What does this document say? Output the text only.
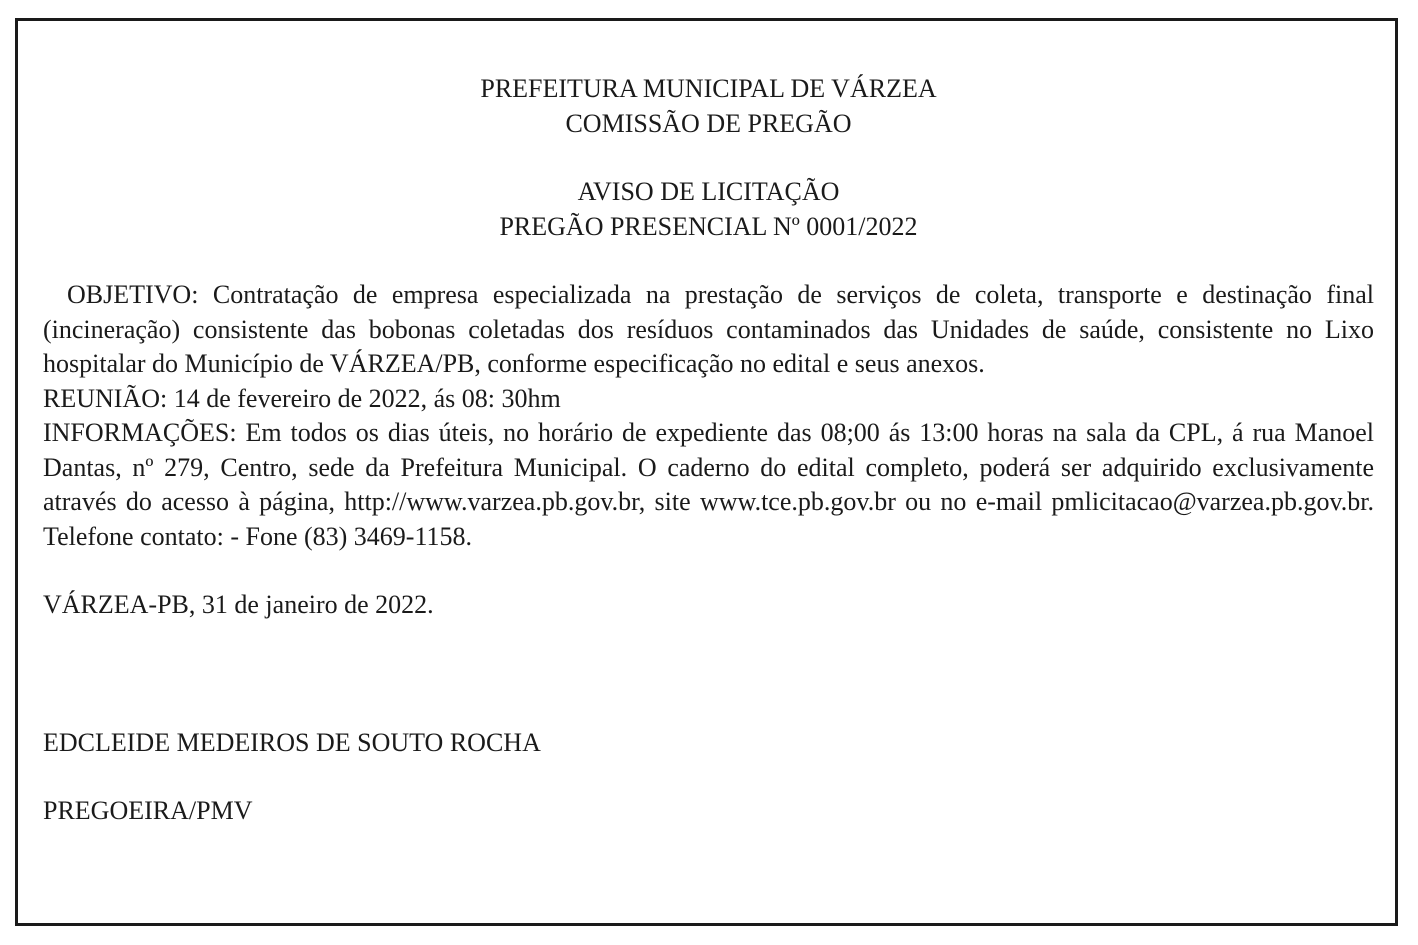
PREFEITURA MUNICIPAL DE VÁRZEA

COMISSÃO DE PREGÃO

AVISO DE LICITAÇÃO

PREGÃO PRESENCIAL Nº 0001/2022

OBJETIVO: Contratação de empresa especializada na prestação de serviços de coleta, transporte e destinação final (incineração) consistente das bobonas coletadas dos resíduos contaminados das Unidades de saúde, consistente no Lixo hospitalar do Município de VÁRZEA/PB, conforme especificação no edital e seus anexos.

REUNIÃO: 14 de fevereiro de 2022, ás 08: 30hm

INFORMAÇÕES: Em todos os dias úteis, no horário de expediente das 08;00 ás 13:00 horas na sala da CPL, á rua Manoel Dantas, nº 279, Centro, sede da Prefeitura Municipal. O caderno do edital completo, poderá ser adquirido exclusivamente através do acesso à página, http://www.varzea.pb.gov.br, site www.tce.pb.gov.br ou no e-mail pmlicitacao@varzea.pb.gov.br. Telefone contato: - Fone (83) 3469-1158.

VÁRZEA-PB, 31 de janeiro de 2022.

EDCLEIDE MEDEIROS DE SOUTO ROCHA

PREGOEIRA/PMV
